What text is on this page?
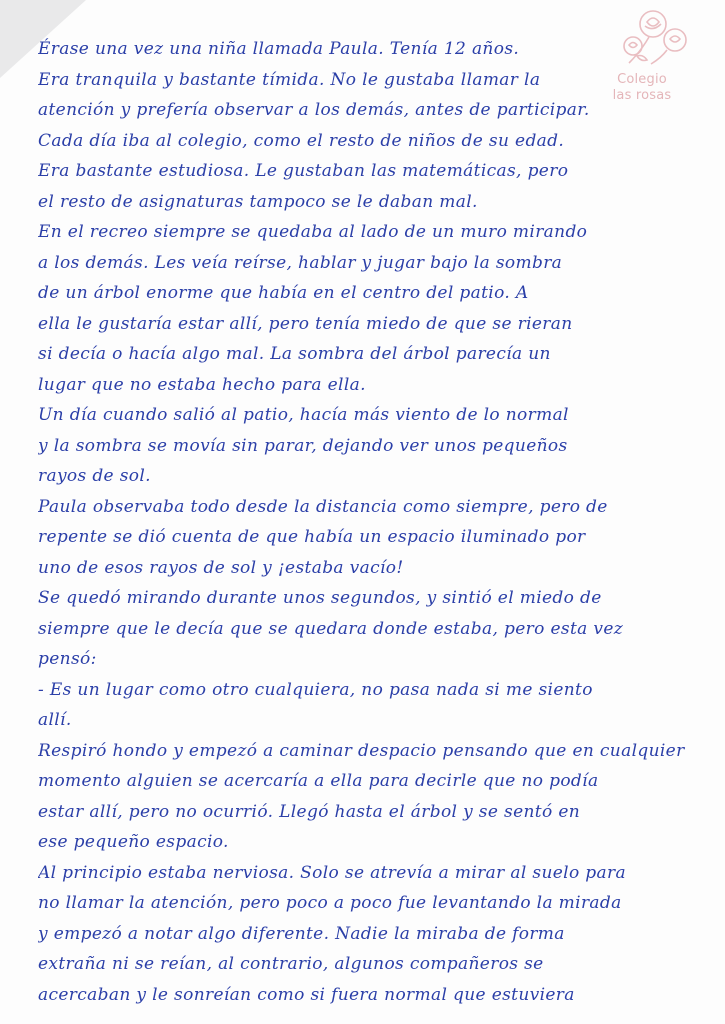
Colegio
las rosas
Érase una vez una niña llamada Paula. Tenía 12 años.
Era tranquila y bastante tímida. No le gustaba llamar la
atención y prefería observar a los demás, antes de participar.
Cada día iba al colegio, como el resto de niños de su edad.
Era bastante estudiosa. Le gustaban las matemáticas, pero
el resto de asignaturas tampoco se le daban mal.
En el recreo siempre se quedaba al lado de un muro mirando
a los demás. Les veía reírse, hablar y jugar bajo la sombra
de un árbol enorme que había en el centro del patio. A
ella le gustaría estar allí, pero tenía miedo de que se rieran
si decía o hacía algo mal. La sombra del árbol parecía un
lugar que no estaba hecho para ella.
Un día cuando salió al patio, hacía más viento de lo normal
y la sombra se movía sin parar, dejando ver unos pequeños
rayos de sol.
Paula observaba todo desde la distancia como siempre, pero de
repente se dió cuenta de que había un espacio iluminado por
uno de esos rayos de sol y ¡estaba vacío!
Se quedó mirando durante unos segundos, y sintió el miedo de
siempre que le decía que se quedara donde estaba, pero esta vez
pensó:
- Es un lugar como otro cualquiera, no pasa nada si me siento
allí.
Respiró hondo y empezó a caminar despacio pensando que en cualquier
momento alguien se acercaría a ella para decirle que no podía
estar allí, pero no ocurrió. Llegó hasta el árbol y se sentó en
ese pequeño espacio.
Al principio estaba nerviosa. Solo se atrevía a mirar al suelo para
no llamar la atención, pero poco a poco fue levantando la mirada
y empezó a notar algo diferente. Nadie la miraba de forma
extraña ni se reían, al contrario, algunos compañeros se
acercaban y le sonreían como si fuera normal que estuviera
